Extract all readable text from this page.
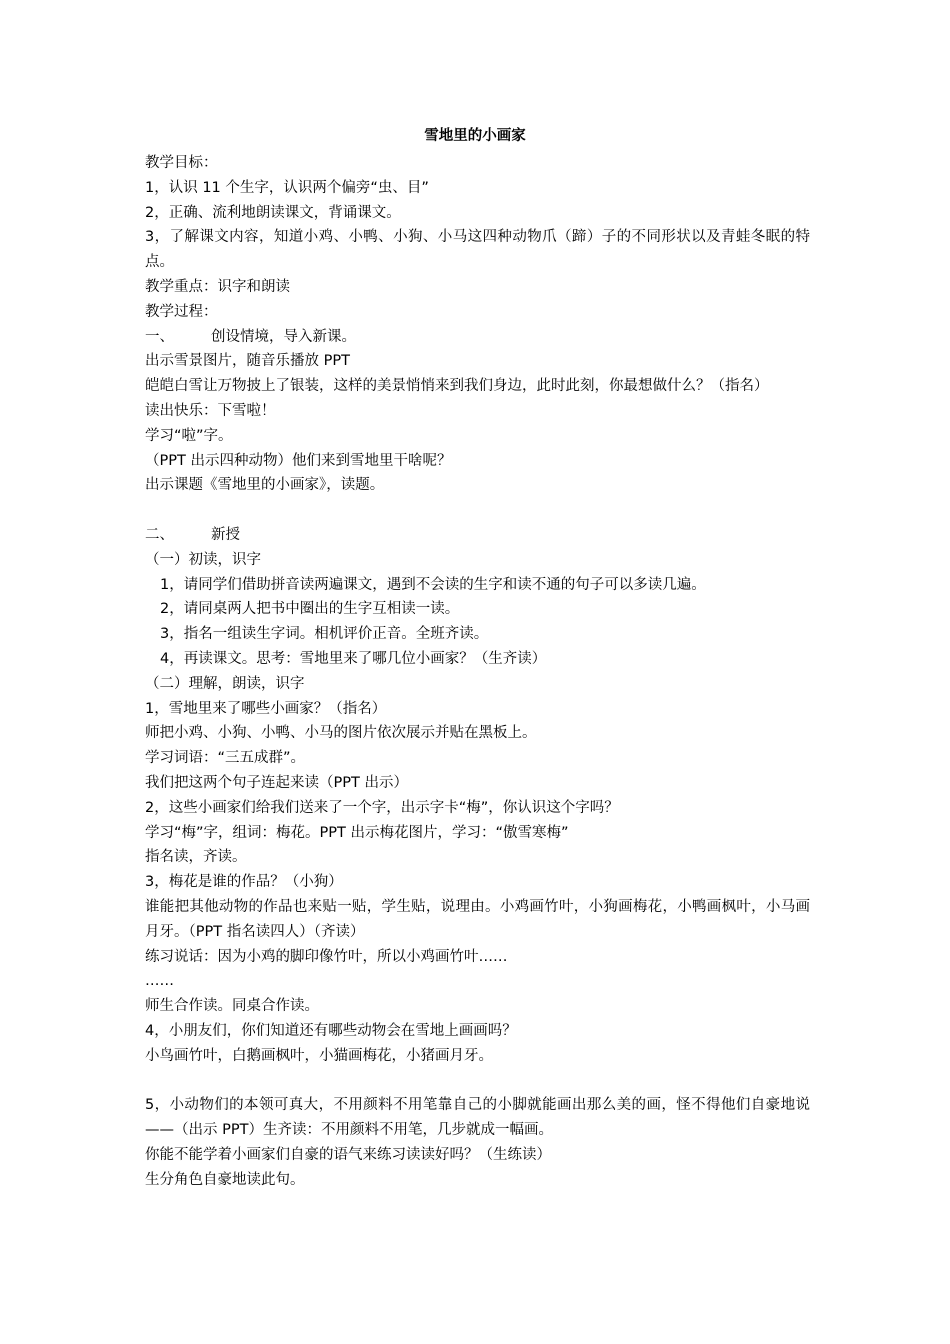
雪地里的小画家
教学目标：
1，认识 11 个生字，认识两个偏旁“虫、目”
2，正确、流利地朗读课文，背诵课文。
3，了解课文内容，知道小鸡、小鸭、小狗、小马这四种动物爪（蹄）子的不同形状以及青蛙冬眠的特点。
教学重点：识字和朗读
教学过程：
一、	创设情境，导入新课。
出示雪景图片，随音乐播放 PPT
皑皑白雪让万物披上了银装，这样的美景悄悄来到我们身边，此时此刻，你最想做什么？（指名）
读出快乐：下雪啦！
学习“啦”字。
（PPT 出示四种动物）他们来到雪地里干啥呢？
出示课题《雪地里的小画家》，读题。
二、	新授
（一）初读，识字
1，请同学们借助拼音读两遍课文，遇到不会读的生字和读不通的句子可以多读几遍。
2，请同桌两人把书中圈出的生字互相读一读。
3，指名一组读生字词。相机评价正音。全班齐读。
4，再读课文。思考：雪地里来了哪几位小画家？（生齐读）
（二）理解，朗读，识字
1，雪地里来了哪些小画家？（指名）
师把小鸡、小狗、小鸭、小马的图片依次展示并贴在黑板上。
学习词语：“三五成群”。
我们把这两个句子连起来读（PPT 出示）
2，这些小画家们给我们送来了一个字，出示字卡“梅”，你认识这个字吗？
学习“梅”字，组词：梅花。PPT 出示梅花图片，学习：“傲雪寒梅”
指名读，齐读。
3，梅花是谁的作品？（小狗）
谁能把其他动物的作品也来贴一贴，学生贴，说理由。小鸡画竹叶，小狗画梅花，小鸭画枫叶，小马画月牙。（PPT 指名读四人）（齐读）
练习说话：因为小鸡的脚印像竹叶，所以小鸡画竹叶……
……
师生合作读。同桌合作读。
4，小朋友们，你们知道还有哪些动物会在雪地上画画吗？
小鸟画竹叶，白鹅画枫叶，小猫画梅花，小猪画月牙。
5，小动物们的本领可真大，不用颜料不用笔靠自己的小脚就能画出那么美的画，怪不得他们自豪地说——（出示 PPT）生齐读：不用颜料不用笔，几步就成一幅画。
你能不能学着小画家们自豪的语气来练习读读好吗？（生练读）
生分角色自豪地读此句。
